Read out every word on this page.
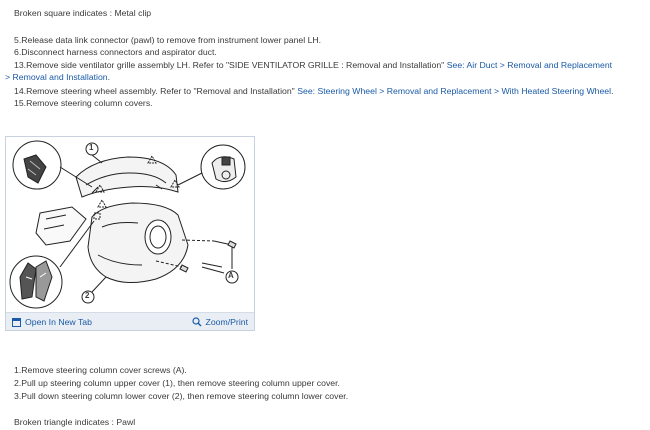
Broken square indicates : Metal clip
5.Release data link connector (pawl) to remove from instrument lower panel LH.
6.Disconnect harness connectors and aspirator duct.
13.Remove side ventilator grille assembly LH. Refer to "SIDE VENTILATOR GRILLE : Removal and Installation" See: Air Duct > Removal and Replacement
> Removal and Installation.
14.Remove steering wheel assembly. Refer to "Removal and Installation" See: Steering Wheel > Removal and Replacement > With Heated Steering Wheel.
15.Remove steering column covers.
1
2
A
Open In New Tab	Zoom/Print
1.Remove steering column cover screws (A).
2.Pull up steering column upper cover (1), then remove steering column upper cover.
3.Pull down steering column lower cover (2), then remove steering column lower cover.
Broken triangle indicates : Pawl
